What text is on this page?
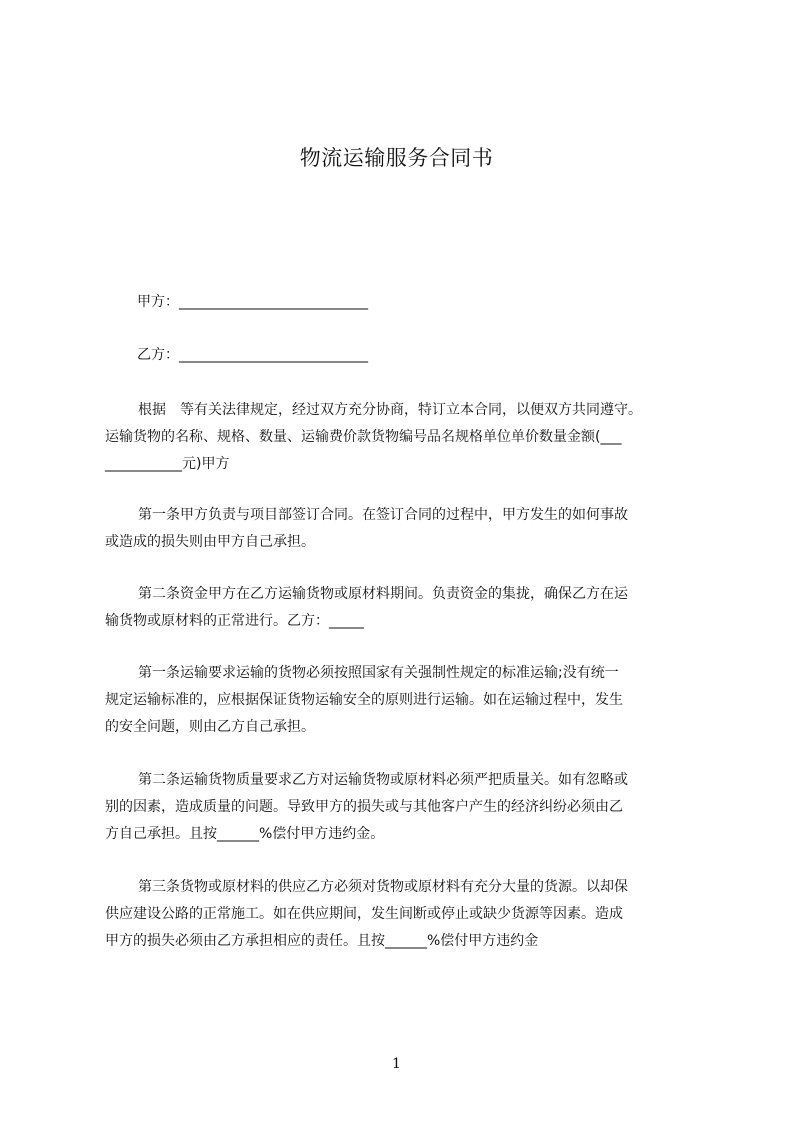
物流运输服务合同书
甲方：___________________________
乙方：___________________________
根据　等有关法律规定，经过双方充分协商，特订立本合同，以便双方共同遵守。
运输货物的名称、规格、数量、运输费价款货物编号品名规格单位单价数量金额(___
___________元)甲方
第一条甲方负责与项目部签订合同。在签订合同的过程中，甲方发生的如何事故
或造成的损失则由甲方自己承担。
第二条资金甲方在乙方运输货物或原材料期间。负责资金的集拢，确保乙方在运
输货物或原材料的正常进行。乙方：_____
第一条运输要求运输的货物必须按照国家有关强制性规定的标准运输;没有统一
规定运输标准的，应根据保证货物运输安全的原则进行运输。如在运输过程中，发生
的安全问题，则由乙方自己承担。
第二条运输货物质量要求乙方对运输货物或原材料必须严把质量关。如有忽略或
别的因素，造成质量的问题。导致甲方的损失或与其他客户产生的经济纠纷必须由乙
方自己承担。且按______%偿付甲方违约金。
第三条货物或原材料的供应乙方必须对货物或原材料有充分大量的货源。以却保
供应建设公路的正常施工。如在供应期间，发生间断或停止或缺少货源等因素。造成
甲方的损失必须由乙方承担相应的责任。且按______%偿付甲方违约金
1
